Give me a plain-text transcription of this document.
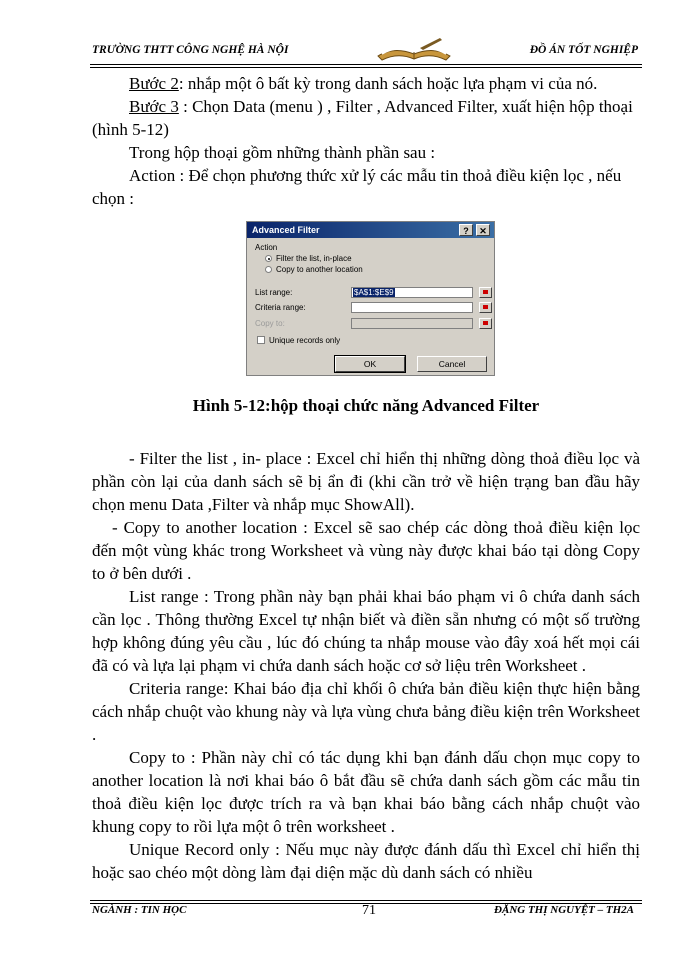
TRƯỜNG THTT CÔNG NGHỆ HÀ NỘI	ĐỒ ÁN TỐT NGHIỆP

Bước 2: nhắp một ô bất kỳ trong danh sách hoặc lựa phạm vi của nó.

Bước 3 : Chọn Data (menu ) , Filter , Advanced Filter, xuất hiện hộp thoại (hình 5-12)

Trong hộp thoại gồm những thành phần sau :

Action : Để chọn phương thức xử lý các mẫu tin thoả điều kiện lọc , nếu chọn :

Advanced Filter	?	✕
Action
Filter the list, in-place
Copy to another location
List range:	$A$1:$E$9
Criteria range:
Copy to:
Unique records only
OK	Cancel

Hình 5-12:hộp thoại chức năng Advanced Filter

- Filter the list , in- place : Excel chỉ hiển thị những dòng thoả điều lọc và phần còn lại của danh sách sẽ bị ẩn đi (khi cần trở về hiện trạng ban đầu hãy chọn menu Data ,Filter và nhắp mục ShowAll).

- Copy to another location : Excel sẽ sao chép các dòng thoả điều kiện lọc đến một vùng khác trong Worksheet và vùng này được khai báo tại dòng Copy to ở bên dưới .

List range : Trong phần này bạn phải khai báo phạm vi ô chứa danh sách cần lọc . Thông thường Excel tự nhận biết và điền sẵn nhưng có một số trường hợp không đúng yêu cầu , lúc đó chúng ta nhắp mouse vào đây xoá hết mọi cái đã có và lựa lại phạm vi chứa danh sách hoặc cơ sở liệu trên Worksheet .

Criteria range: Khai báo địa chỉ khối ô chứa bản điều kiện thực hiện bằng cách nhắp chuột vào khung này và lựa vùng chưa bảng điều kiện trên Worksheet .

Copy to : Phần này chỉ có tác dụng khi bạn đánh dấu chọn mục copy to another location là nơi khai báo ô bắt đầu sẽ chứa danh sách gồm các mẫu tin thoả điều kiện lọc được trích ra và bạn khai báo bằng cách nhắp chuột vào khung copy to rồi lựa một ô trên worksheet .

Unique Record only : Nếu mục này được đánh dấu thì Excel chỉ hiển thị hoặc sao chéo một dòng làm đại diện mặc dù danh sách có nhiều

NGÀNH : TIN HỌC	71	ĐẶNG THỊ NGUYỆT – TH2A
